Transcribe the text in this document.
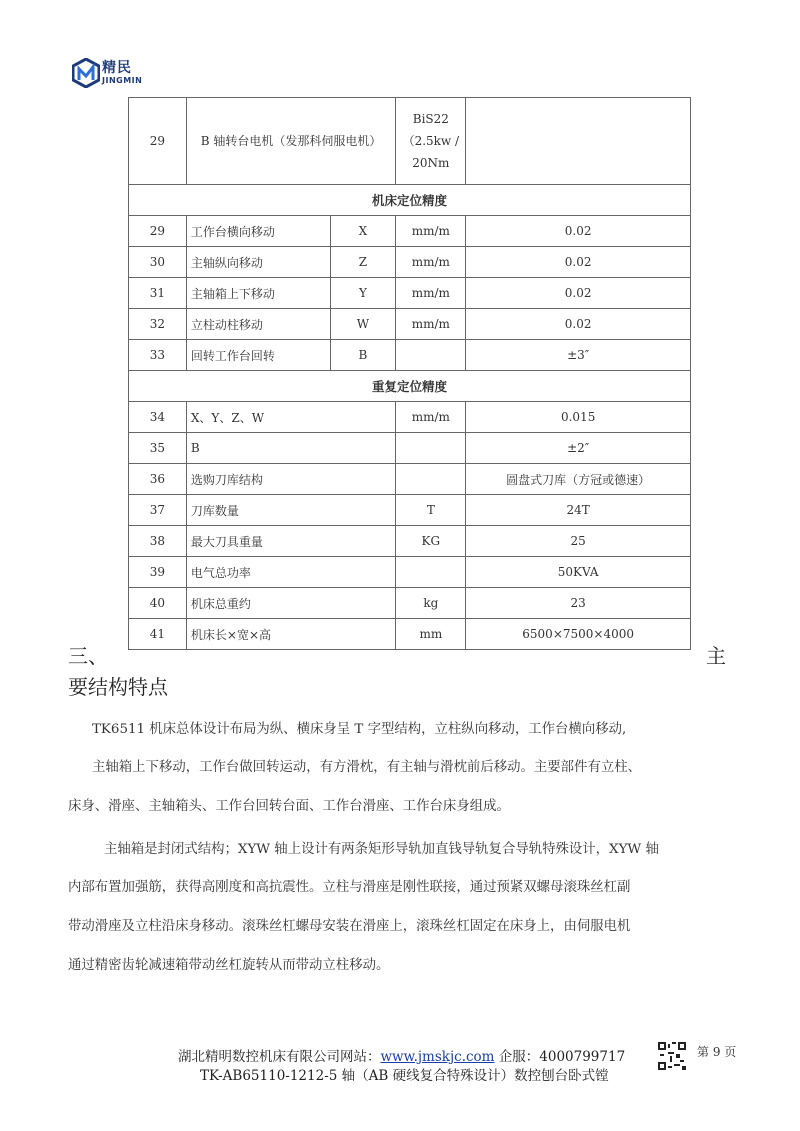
精民
JINGMIN
29	B 轴转台电机（发那科伺服电机）		BiS22
（2.5kw /
20Nm	

机床定位精度				
29	工作台横向移动	X	mm/m	0.02
30	主轴纵向移动	Z	mm/m	0.02
31	主轴箱上下移动	Y	mm/m	0.02
32	立柱动柱移动	W	mm/m	0.02
33	回转工作台回转	B		±3″
重复定位精度				
34	X、Y、Z、W		mm/m	0.015
35	B			±2″
36	选购刀库结构			圆盘式刀库（方冠或德速）
37	刀库数量		T	24T
38	最大刀具重量		KG	25
39	电气总功率			50KVA
40	机床总重约		kg	23
41	机床长×宽×高		mm	6500×7500×4000
三、	主
要结构特点
TK6511 机床总体设计布局为纵、横床身呈 T 字型结构，立柱纵向移动，工作台横向移动,
主轴箱上下移动，工作台做回转运动，有方滑枕，有主轴与滑枕前后移动。主要部件有立柱、
床身、滑座、主轴箱头、工作台回转台面、工作台滑座、工作台床身组成。
主轴箱是封闭式结构；XYW 轴上设计有两条矩形导轨加直钱导轨复合导轨特殊设计，XYW 轴
内部布置加强筋，获得高刚度和高抗震性。立柱与滑座是刚性联接，通过预紧双螺母滚珠丝杠副
带动滑座及立柱沿床身移动。滚珠丝杠螺母安装在滑座上，滚珠丝杠固定在床身上，由伺服电机
通过精密齿轮减速箱带动丝杠旋转从而带动立柱移动。
湖北精明数控机床有限公司网站：www.jmskjc.com 企服：4000799717
TK-AB65110-1212-5 轴（AB 硬线复合特殊设计）数控刨台卧式镗
第 9 页
